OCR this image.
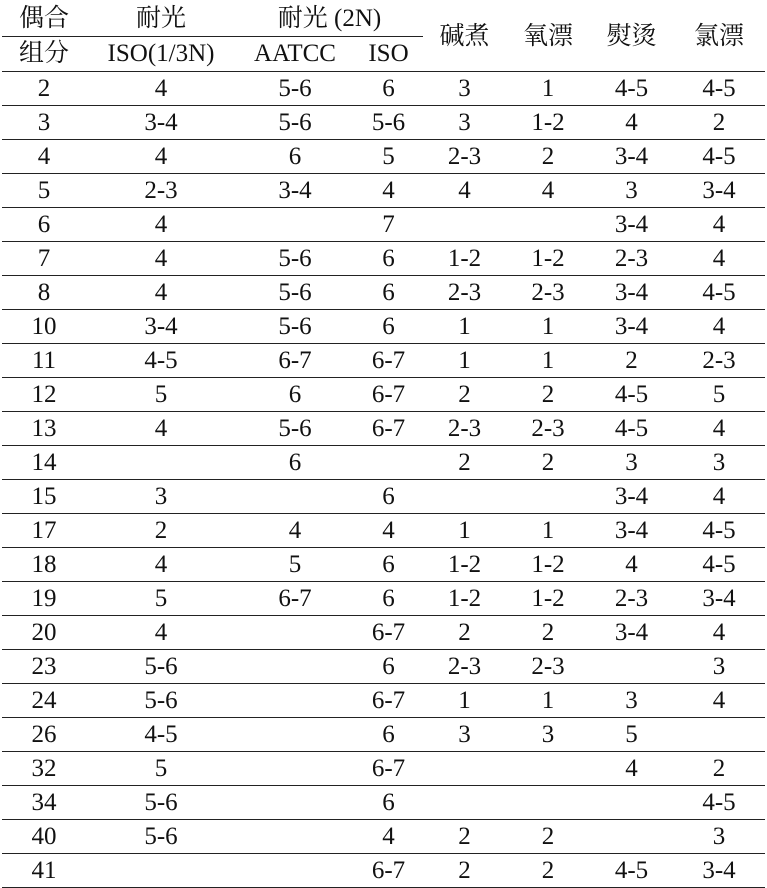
偶合	耐光	耐光 (2N)		碱煮	氧漂	熨烫	氯漂
组分	ISO(1/3N)	AATCC	ISO				
2	4	5-6	6	3	1	4-5	4-5
3	3-4	5-6	5-6	3	1-2	4	2
4	4	6	5	2-3	2	3-4	4-5
5	2-3	3-4	4	4	4	3	3-4
6	4		7			3-4	4
7	4	5-6	6	1-2	1-2	2-3	4
8	4	5-6	6	2-3	2-3	3-4	4-5
10	3-4	5-6	6	1	1	3-4	4
11	4-5	6-7	6-7	1	1	2	2-3
12	5	6	6-7	2	2	4-5	5
13	4	5-6	6-7	2-3	2-3	4-5	4
14		6		2	2	3	3
15	3		6			3-4	4
17	2	4	4	1	1	3-4	4-5
18	4	5	6	1-2	1-2	4	4-5
19	5	6-7	6	1-2	1-2	2-3	3-4
20	4		6-7	2	2	3-4	4
23	5-6		6	2-3	2-3		3
24	5-6		6-7	1	1	3	4
26	4-5		6	3	3	5	
32	5		6-7			4	2
34	5-6		6				4-5
40	5-6		4	2	2		3
41			6-7	2	2	4-5	3-4
